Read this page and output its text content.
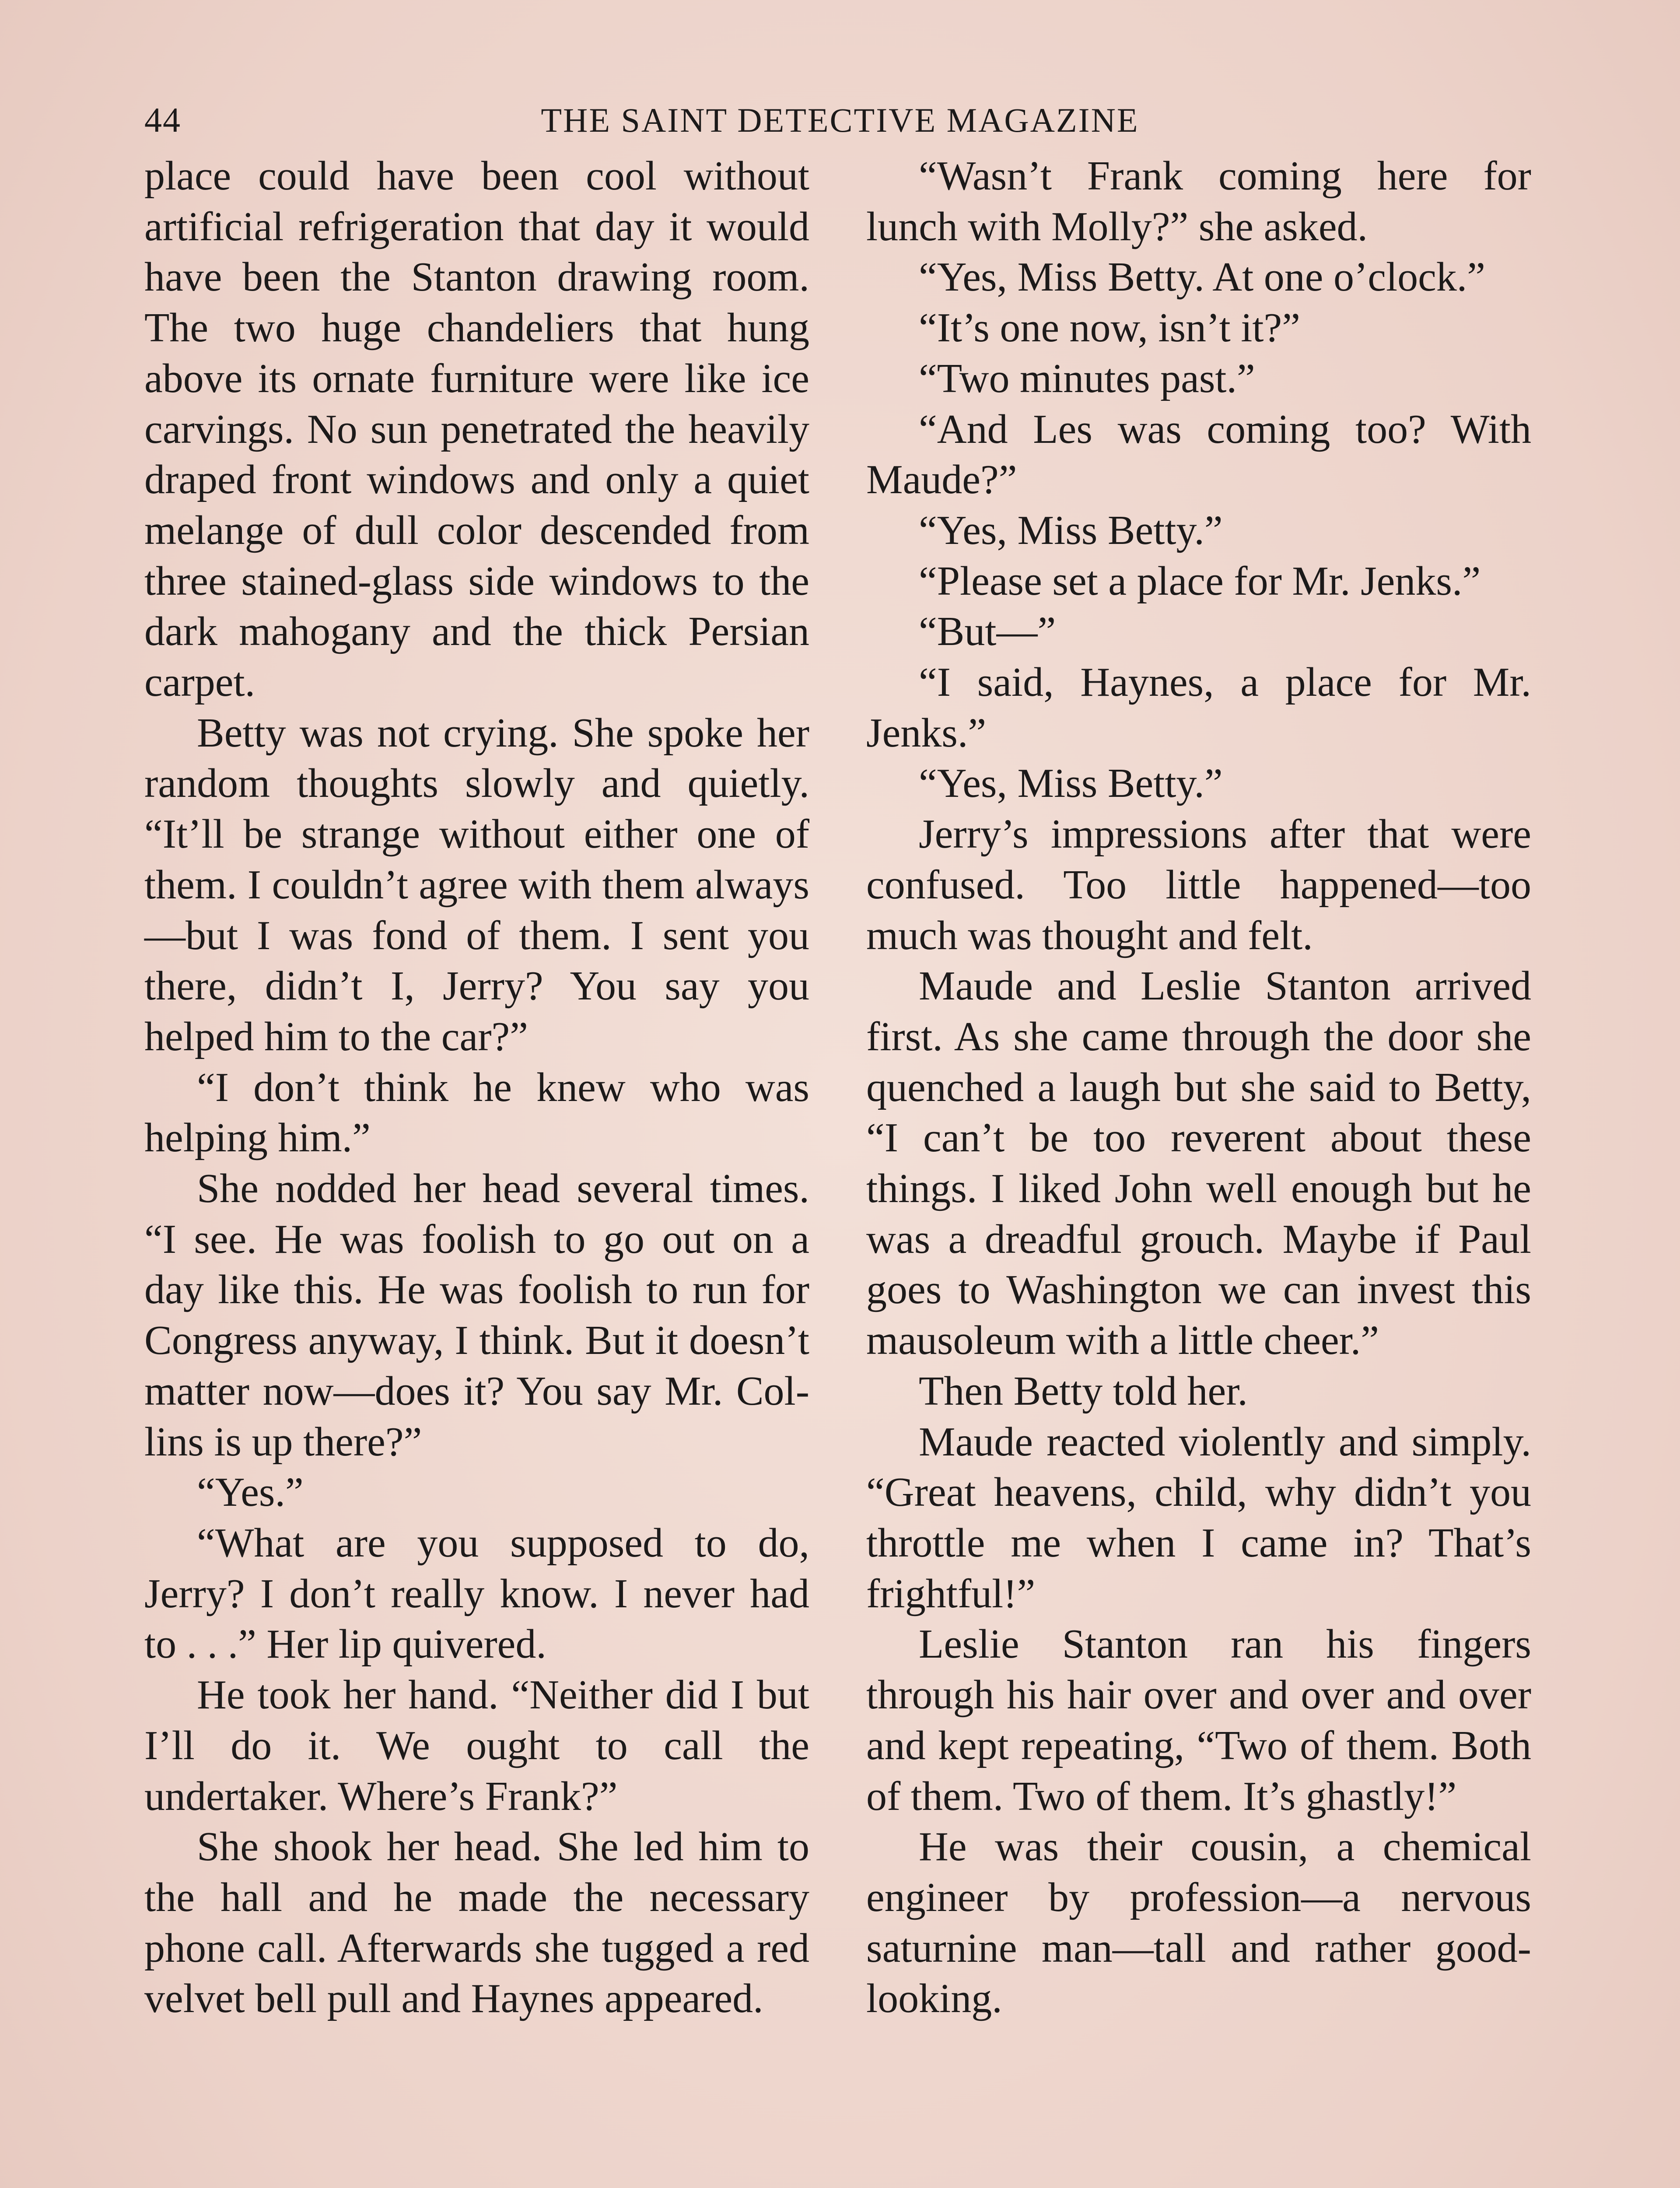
44	THE SAINT DETECTIVE MAGAZINE

place could have been cool without artificial refrigeration that day it would have been the Stanton drawing room. The two huge chandeliers that hung above its ornate furniture were like ice carvings. No sun penetrated the heavily draped front windows and only a quiet melange of dull color descended from three stained-glass side windows to the dark mahogany and the thick Persian carpet.

Betty was not crying. She spoke her random thoughts slowly and quietly. “It’ll be strange without either one of them. I couldn’t agree with them always—but I was fond of them. I sent you there, didn’t I, Jerry? You say you helped him to the car?”

“I don’t think he knew who was helping him.”

She nodded her head several times. “I see. He was foolish to go out on a day like this. He was foolish to run for Congress anyway, I think. But it doesn’t matter now—does it? You say Mr. Collins is up there?”

“Yes.”

“What are you supposed to do, Jerry? I don’t really know. I never had to . . .” Her lip quivered.

He took her hand. “Neither did I but I’ll do it. We ought to call the undertaker. Where’s Frank?”

She shook her head. She led him to the hall and he made the necessary phone call. Afterwards she tugged a red velvet bell pull and Haynes appeared.

“Wasn’t Frank coming here for lunch with Molly?” she asked.

“Yes, Miss Betty. At one o’clock.”

“It’s one now, isn’t it?”

“Two minutes past.”

“And Les was coming too? With Maude?”

“Yes, Miss Betty.”

“Please set a place for Mr. Jenks.”

“But—”

“I said, Haynes, a place for Mr. Jenks.”

“Yes, Miss Betty.”

Jerry’s impressions after that were confused. Too little happened—too much was thought and felt.

Maude and Leslie Stanton arrived first. As she came through the door she quenched a laugh but she said to Betty, “I can’t be too reverent about these things. I liked John well enough but he was a dreadful grouch. Maybe if Paul goes to Washington we can invest this mausoleum with a little cheer.”

Then Betty told her.

Maude reacted violently and simply. “Great heavens, child, why didn’t you throttle me when I came in? That’s frightful!”

Leslie Stanton ran his fingers through his hair over and over and over and kept repeating, “Two of them. Both of them. Two of them. It’s ghastly!”

He was their cousin, a chemical engineer by profession—a nervous saturnine man—tall and rather good-looking.
